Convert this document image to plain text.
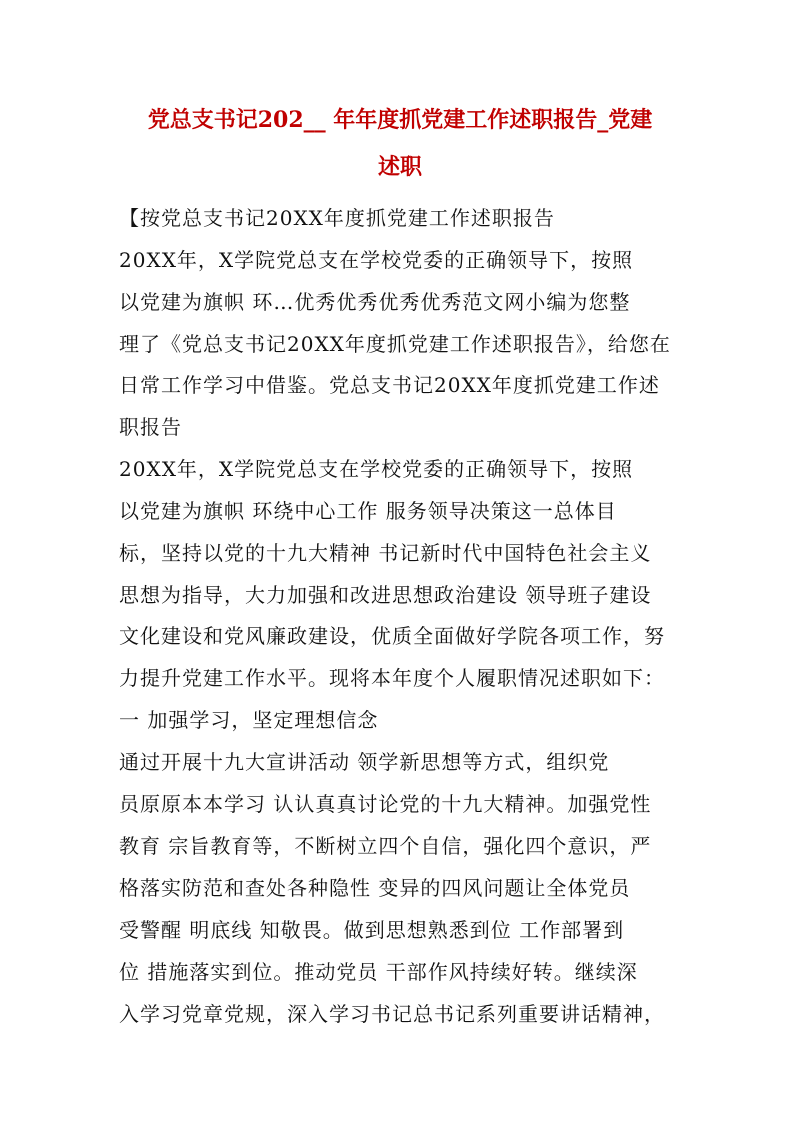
党总支书记202__ 年年度抓党建工作述职报告_党建
述职
【按党总支书记20XX年度抓党建工作述职报告
20XX年，X学院党总支在学校党委的正确领导下，按照
以党建为旗帜 环…优秀优秀优秀优秀范文网小编为您整
理了《党总支书记20XX年度抓党建工作述职报告》，给您在
日常工作学习中借鉴。党总支书记20XX年度抓党建工作述
职报告
20XX年，X学院党总支在学校党委的正确领导下，按照
以党建为旗帜 环绕中心工作 服务领导决策这一总体目
标，坚持以党的十九大精神 书记新时代中国特色社会主义
思想为指导，大力加强和改进思想政治建设 领导班子建设
文化建设和党风廉政建设，优质全面做好学院各项工作，努
力提升党建工作水平。现将本年度个人履职情况述职如下：
一 加强学习，坚定理想信念
通过开展十九大宣讲活动 领学新思想等方式，组织党
员原原本本学习 认认真真讨论党的十九大精神。加强党性
教育 宗旨教育等，不断树立四个自信，强化四个意识，严
格落实防范和查处各种隐性 变异的四风问题让全体党员
受警醒 明底线 知敬畏。做到思想熟悉到位 工作部署到
位 措施落实到位。推动党员 干部作风持续好转。继续深
入学习党章党规，深入学习书记总书记系列重要讲话精神，
